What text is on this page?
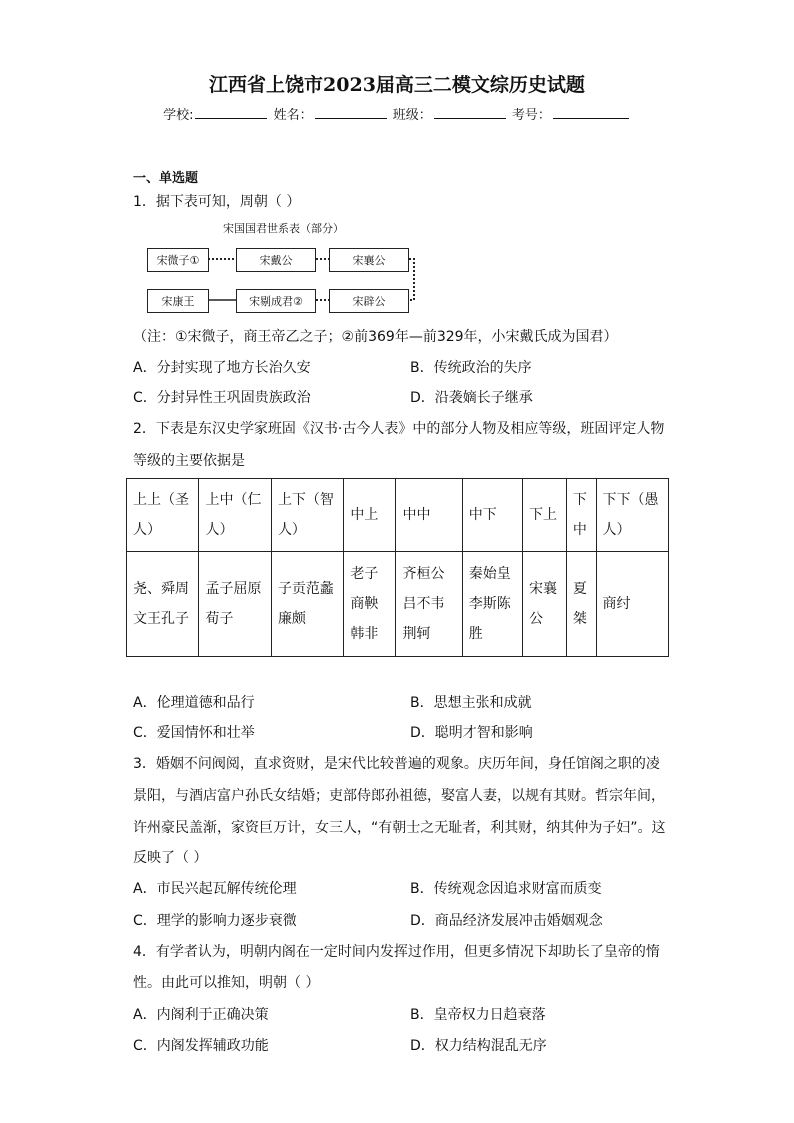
江西省上饶市2023届高三二模文综历史试题
学校:	姓名：	班级：	考号：
一、单选题
1．据下表可知，周朝（ ）
宋国国君世系表（部分）
宋微子①	宋戴公	宋襄公
宋康王	宋剔成君②	宋辟公
（注：①宋微子，商王帝乙之子；②前369年—前329年，小宋戴氏成为国君）
A．分封实现了地方长治久安	B．传统政治的失序
C．分封异性王巩固贵族政治	D．沿袭嫡长子继承
2．下表是东汉史学家班固《汉书·古今人表》中的部分人物及相应等级，班固评定人物
等级的主要依据是
上上（圣人）	上中（仁人）	上下（智人）	中上	中中	中下	下上	下中	下下（愚人）
尧、舜周文王孔子	孟子屈原荀子	子贡范蠡廉颇	老子商鞅韩非	齐桓公吕不韦荆轲	秦始皇李斯陈胜	宋襄公	夏桀	商纣
A．伦理道德和品行	B．思想主张和成就
C．爱国情怀和壮举	D．聪明才智和影响
3．婚姻不问阀阅，直求资财，是宋代比较普遍的观象。庆历年间，身任馆阁之职的凌
景阳，与酒店富户孙氏女结婚；吏部侍郎孙祖德，娶富人妻，以规有其财。哲宗年间，
许州豪民盖渐，家资巨万计，女三人，“有朝士之无耻者，利其财，纳其仲为子妇”。这
反映了（ ）
A．市民兴起瓦解传统伦理	B．传统观念因追求财富而质变
C．理学的影响力逐步衰微	D．商品经济发展冲击婚姻观念
4．有学者认为，明朝内阁在一定时间内发挥过作用，但更多情况下却助长了皇帝的惰
性。由此可以推知，明朝（ ）
A．内阁利于正确决策	B．皇帝权力日趋衰落
C．内阁发挥辅政功能	D．权力结构混乱无序
